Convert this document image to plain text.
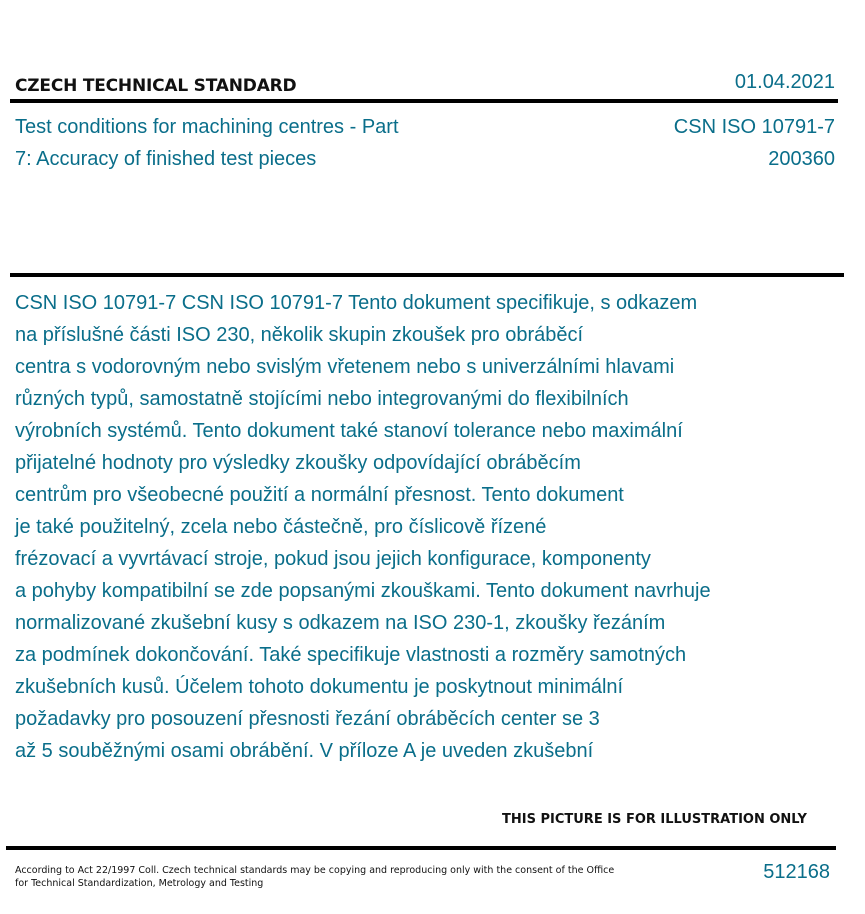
CZECH TECHNICAL STANDARD	01.04.2021
Test conditions for machining centres - Part
7: Accuracy of finished test pieces
CSN ISO 10791-7
200360
CSN ISO 10791-7 CSN ISO 10791-7 Tento dokument specifikuje, s odkazem
na příslušné části ISO 230, několik skupin zkoušek pro obráběcí
centra s vodorovným nebo svislým vřetenem nebo s univerzálními hlavami
různých typů, samostatně stojícími nebo integrovanými do flexibilních
výrobních systémů. Tento dokument také stanoví tolerance nebo maximální
přijatelné hodnoty pro výsledky zkoušky odpovídající obráběcím
centrům pro všeobecné použití a normální přesnost. Tento dokument
je také použitelný, zcela nebo částečně, pro číslicově řízené
frézovací a vyvrtávací stroje, pokud jsou jejich konfigurace, komponenty
a pohyby kompatibilní se zde popsanými zkouškami. Tento dokument navrhuje
normalizované zkušební kusy s odkazem na ISO 230-1, zkoušky řezáním
za podmínek dokončování. Také specifikuje vlastnosti a rozměry samotných
zkušebních kusů. Účelem tohoto dokumentu je poskytnout minimální
požadavky pro posouzení přesnosti řezání obráběcích center se 3
až 5 souběžnými osami obrábění. V příloze A je uveden zkušební
THIS PICTURE IS FOR ILLUSTRATION ONLY
According to Act 22/1997 Coll. Czech technical standards may be copying and reproducing only with the consent of the Office
for Technical Standardization, Metrology and Testing
512168
